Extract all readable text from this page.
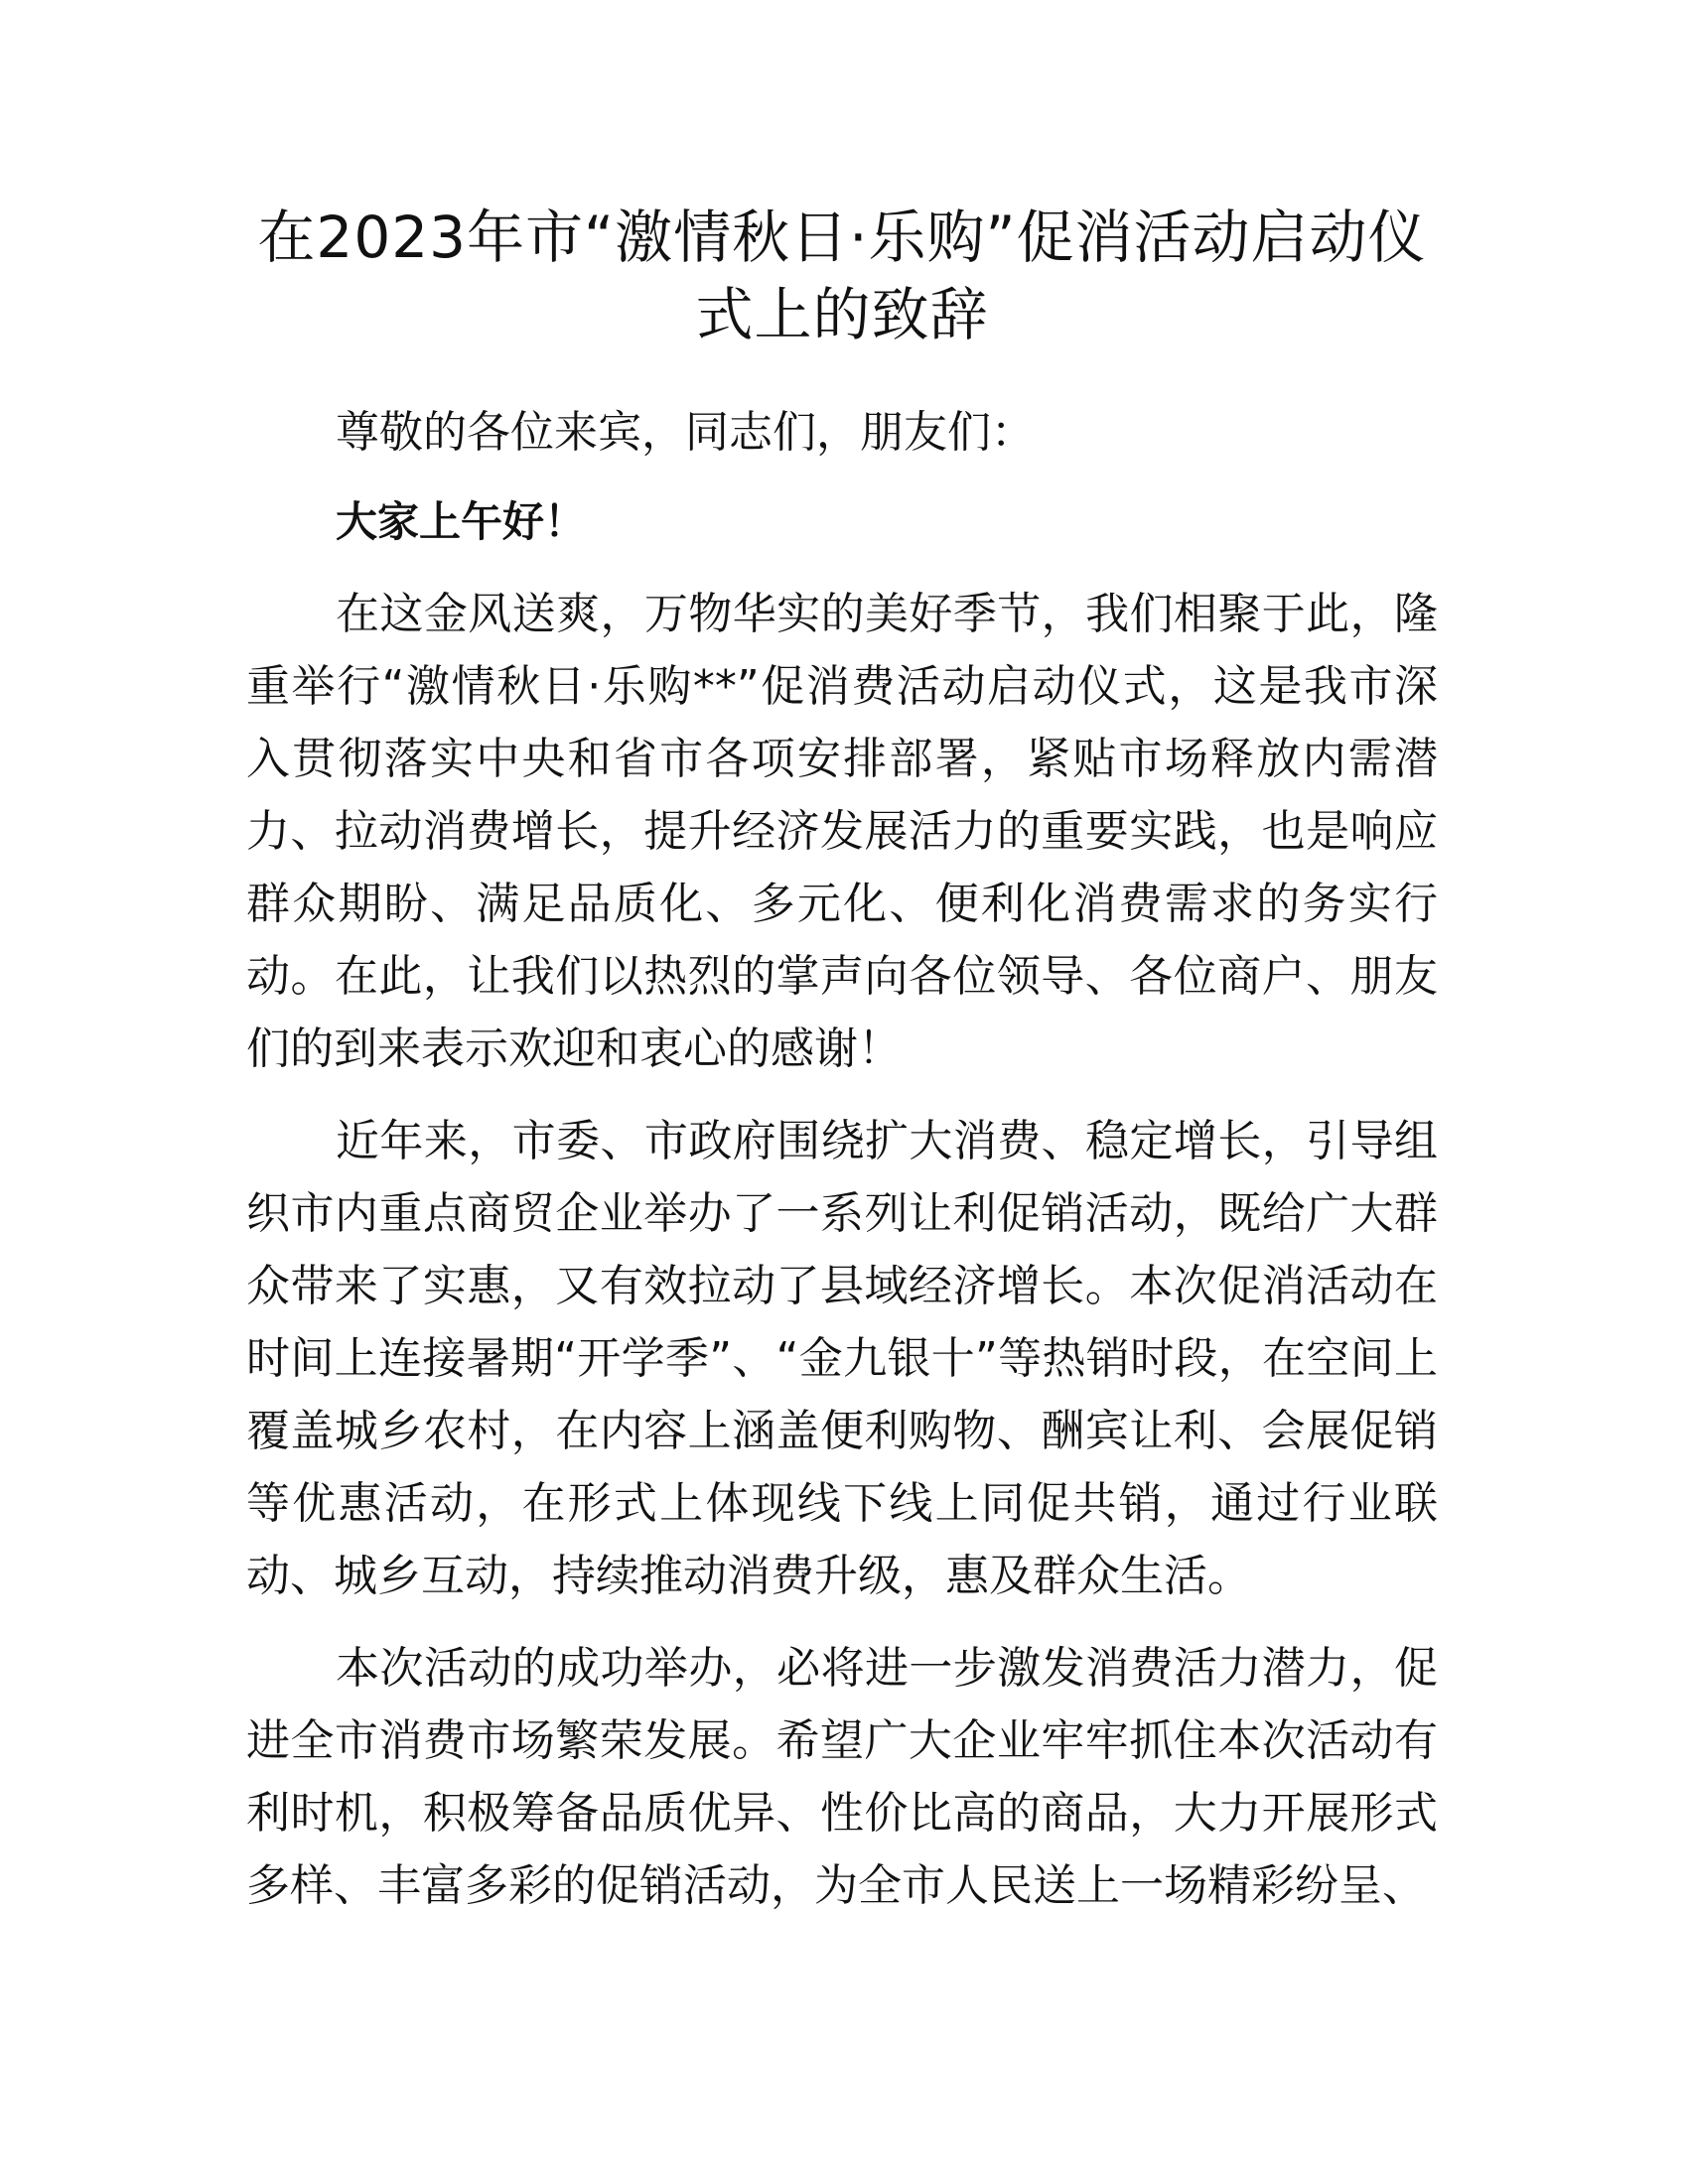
在2023年市“激情秋日·乐购”促消活动启动仪式上的致辞

尊敬的各位来宾，同志们，朋友们：

大家上午好！

在这金风送爽，万物华实的美好季节，我们相聚于此，隆重举行“激情秋日·乐购**”促消费活动启动仪式，这是我市深入贯彻落实中央和省市各项安排部署，紧贴市场释放内需潜力、拉动消费增长，提升经济发展活力的重要实践，也是响应群众期盼、满足品质化、多元化、便利化消费需求的务实行动。在此，让我们以热烈的掌声向各位领导、各位商户、朋友们的到来表示欢迎和衷心的感谢！

近年来，市委、市政府围绕扩大消费、稳定增长，引导组织市内重点商贸企业举办了一系列让利促销活动，既给广大群众带来了实惠，又有效拉动了县域经济增长。本次促消活动在时间上连接暑期“开学季”、“金九银十”等热销时段，在空间上覆盖城乡农村，在内容上涵盖便利购物、酬宾让利、会展促销等优惠活动，在形式上体现线下线上同促共销，通过行业联动、城乡互动，持续推动消费升级，惠及群众生活。

本次活动的成功举办，必将进一步激发消费活力潜力，促进全市消费市场繁荣发展。希望广大企业牢牢抓住本次活动有利时机，积极筹备品质优异、性价比高的商品，大力开展形式多样、丰富多彩的促销活动，为全市人民送上一场精彩纷呈、
